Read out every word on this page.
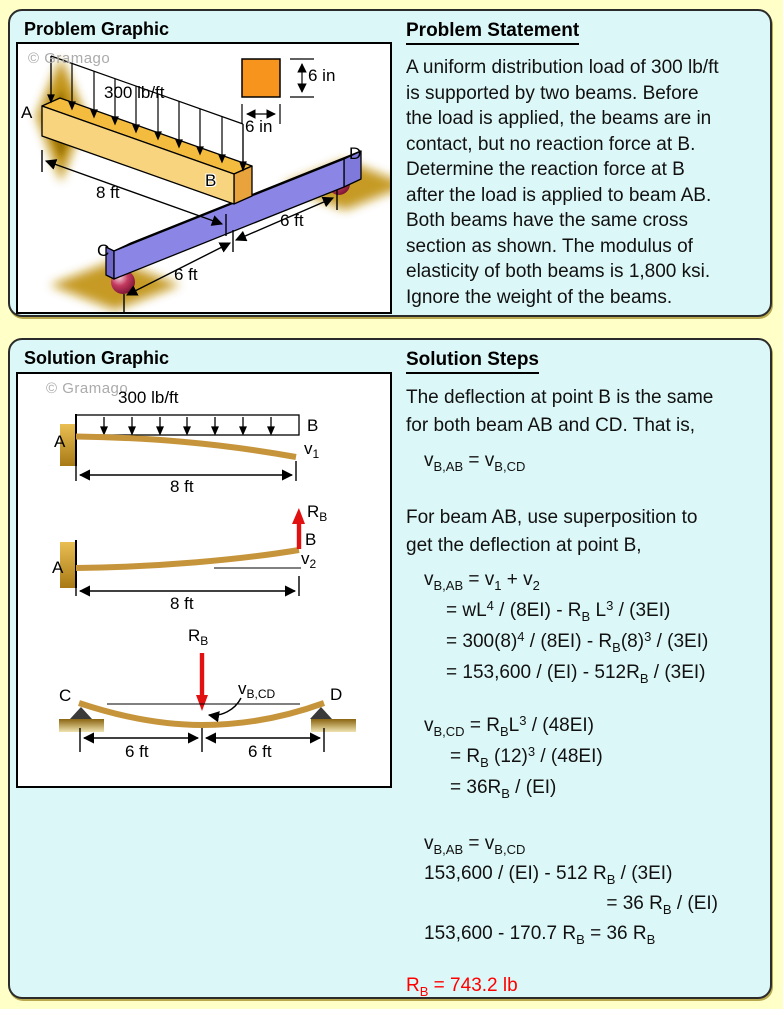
Problem Graphic
© Gramago
300 lb/ft
A
B
C
D
8 ft
6 ft
6 ft
6 in
6 in
Problem Statement
A uniform distribution load of 300 lb/ft
is supported by two beams. Before
the load is applied, the beams are in
contact, but no reaction force at B.
Determine the reaction force at B
after the load is applied to beam AB.
Both beams have the same cross
section as shown. The modulus of
elasticity of both beams is 1,800 ksi.
Ignore the weight of the beams.
Solution Graphic
© Gramago
300 lb/ft
A
B
$v_1$
8 ft
$R_B$
B
$v_2$
A
8 ft
$R_B$
$v_{B,CD}$
C	D
6 ft	6 ft
Solution Steps
The deflection at point B is the same
for both beam AB and CD. That is,
$v_{B,AB} = v_{B,CD}$
For beam AB, use superposition to
get the deflection at point B,
$v_{B,AB} = v_1 + v_2$
= $wL^4 / (8EI) - R_B$ $L^3 / (3EI)$
= $300(8)^4 / (8EI) - R_B(8)^3 / (3EI)$
= $153,600 / (EI) - 512R_B / (3EI)$
$v_{B,CD} = R_BL^3 / (48EI)$
= $R_B$ $(12)^3 / (48EI)$
= $36R_B / (EI)$
$v_{B,AB} = v_{B,CD}$
153,600 / (EI) - 512 $R_B / (3EI)$
= 36 $R_B / (EI)$
153,600 - 170.7 $R_B = 36$ $R_B$
$R_B = 743.2$ lb
